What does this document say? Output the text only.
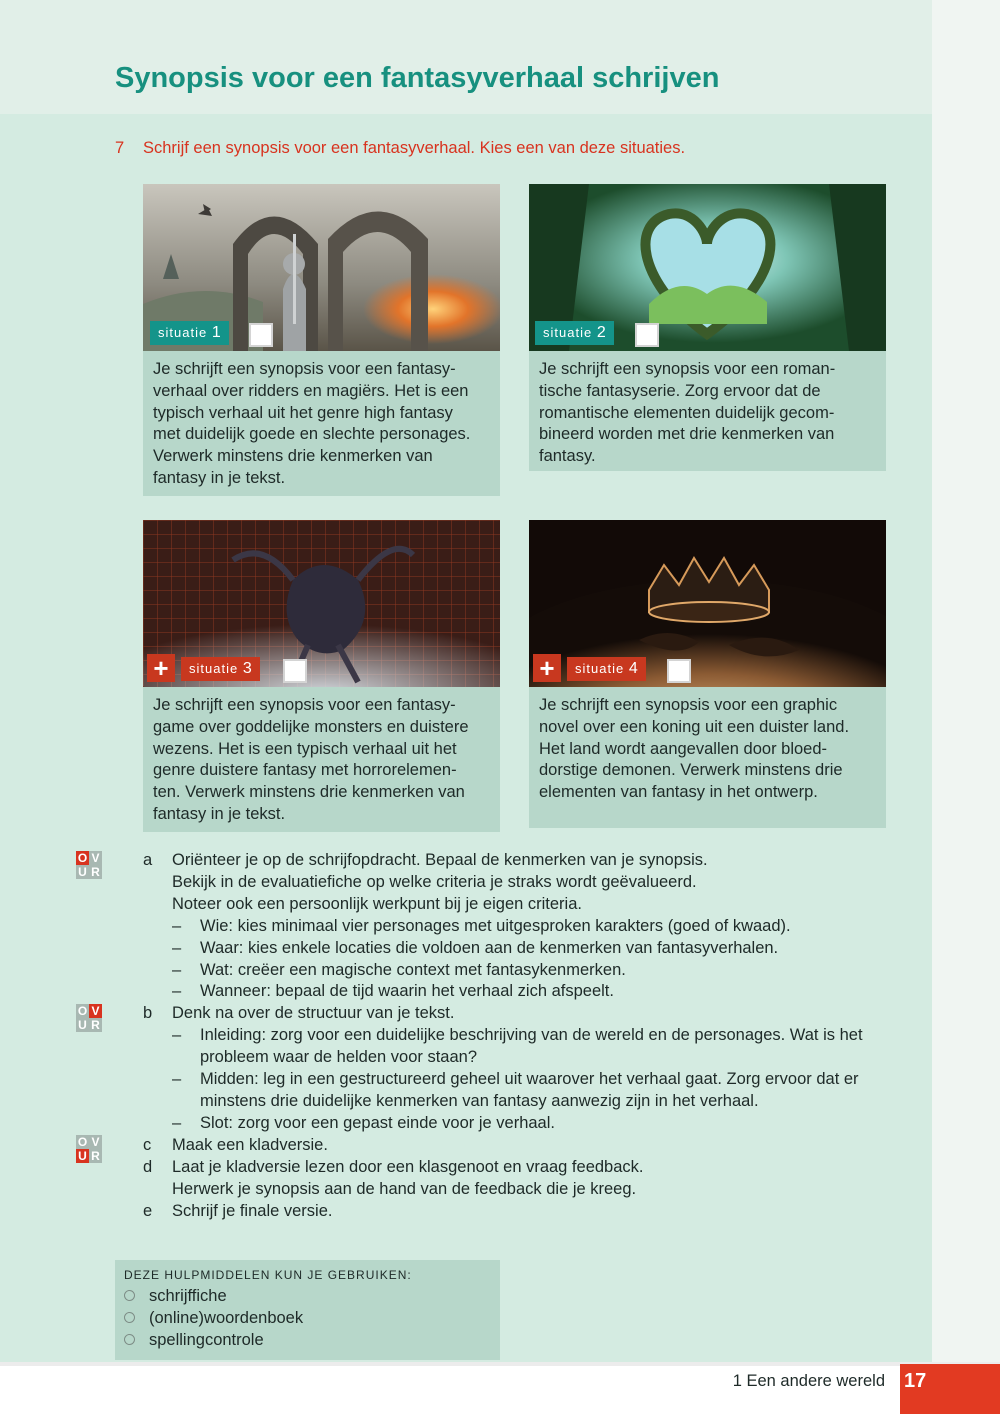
Synopsis voor een fantasyverhaal schrijven
7 Schrijf een synopsis voor een fantasyverhaal. Kies een van deze situaties.
situatie 1
Je schrijft een synopsis voor een fantasy-
verhaal over ridders en magiërs. Het is een
typisch verhaal uit het genre high fantasy
met duidelijk goede en slechte personages.
Verwerk minstens drie kenmerken van
fantasy in je tekst.
situatie 2
Je schrijft een synopsis voor een roman-
tische fantasyserie. Zorg ervoor dat de
romantische elementen duidelijk gecom-
bineerd worden met drie kenmerken van
fantasy.
+	situatie 3
Je schrijft een synopsis voor een fantasy-
game over goddelijke monsters en duistere
wezens. Het is een typisch verhaal uit het
genre duistere fantasy met horrorelemen-
ten. Verwerk minstens drie kenmerken van
fantasy in je tekst.
+	situatie 4
Je schrijft een synopsis voor een graphic
novel over een koning uit een duister land.
Het land wordt aangevallen door bloed-
dorstige demonen. Verwerk minstens drie
elementen van fantasy in het ontwerp.
O V
U R
O V
U R
O V
U R
a Oriënteer je op de schrijfopdracht. Bepaal de kenmerken van je synopsis.
Bekijk in de evaluatiefiche op welke criteria je straks wordt geëvalueerd.
Noteer ook een persoonlijk werkpunt bij je eigen criteria.
– Wie: kies minimaal vier personages met uitgesproken karakters (goed of kwaad).
– Waar: kies enkele locaties die voldoen aan de kenmerken van fantasyverhalen.
– Wat: creëer een magische context met fantasykenmerken.
– Wanneer: bepaal de tijd waarin het verhaal zich afspeelt.
b Denk na over de structuur van je tekst.
– Inleiding: zorg voor een duidelijke beschrijving van de wereld en de personages. Wat is het probleem waar de helden voor staan?
– Midden: leg in een gestructureerd geheel uit waarover het verhaal gaat. Zorg ervoor dat er minstens drie duidelijke kenmerken van fantasy aanwezig zijn in het verhaal.
– Slot: zorg voor een gepast einde voor je verhaal.
c Maak een kladversie.
d Laat je kladversie lezen door een klasgenoot en vraag feedback.
Herwerk je synopsis aan de hand van de feedback die je kreeg.
e Schrijf je finale versie.
DEZE HULPMIDDELEN KUN JE GEBRUIKEN:
schrijffiche
(online)woordenboek
spellingcontrole
1 Een andere wereld 17
